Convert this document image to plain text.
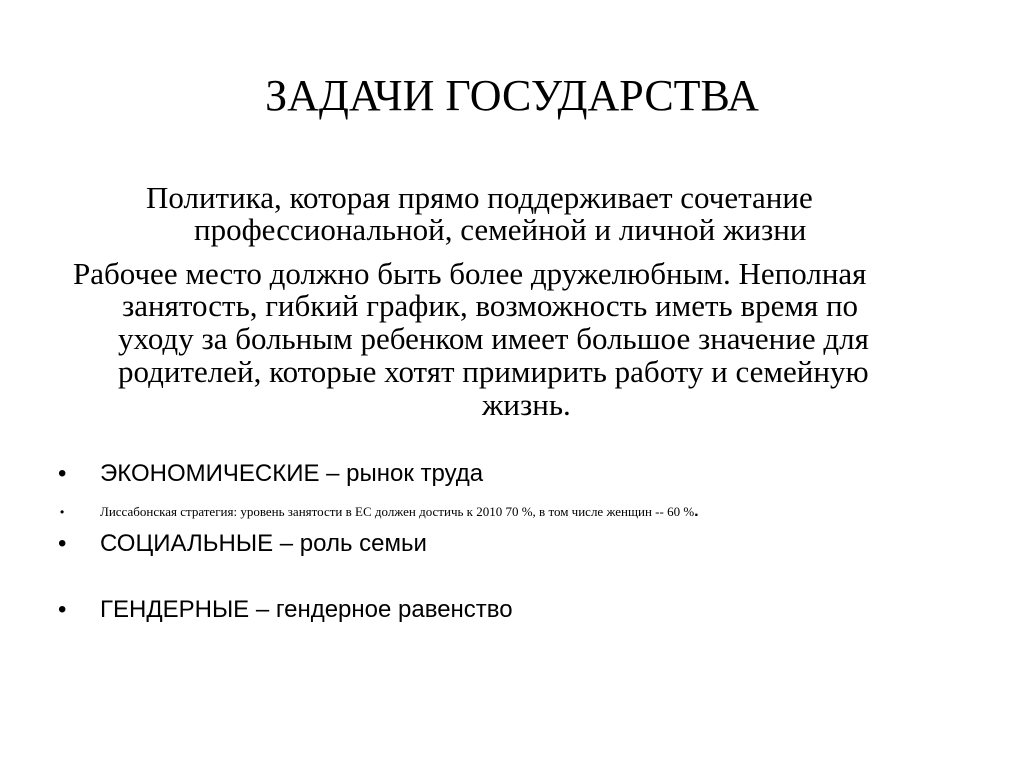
ЗАДАЧИ ГОСУДАРСТВА

Политика, которая прямо поддерживает сочетание

профессиональной, семейной и личной жизни

Рабочее место должно быть более дружелюбным. Неполная

занятость, гибкий график, возможность иметь время по

уходу за больным ребенком имеет большое значение для

родителей, которые хотят примирить работу и семейную

жизнь.

• ЭКОНОМИЧЕСКИЕ – рынок труда
•	Лиссабонская стратегия: уровень занятости в ЕС должен достичь к 2010 70 %, в том числе женщин -- 60 %.
• СОЦИАЛЬНЫЕ – роль семьи
• ГЕНДЕРНЫЕ – гендерное равенство
